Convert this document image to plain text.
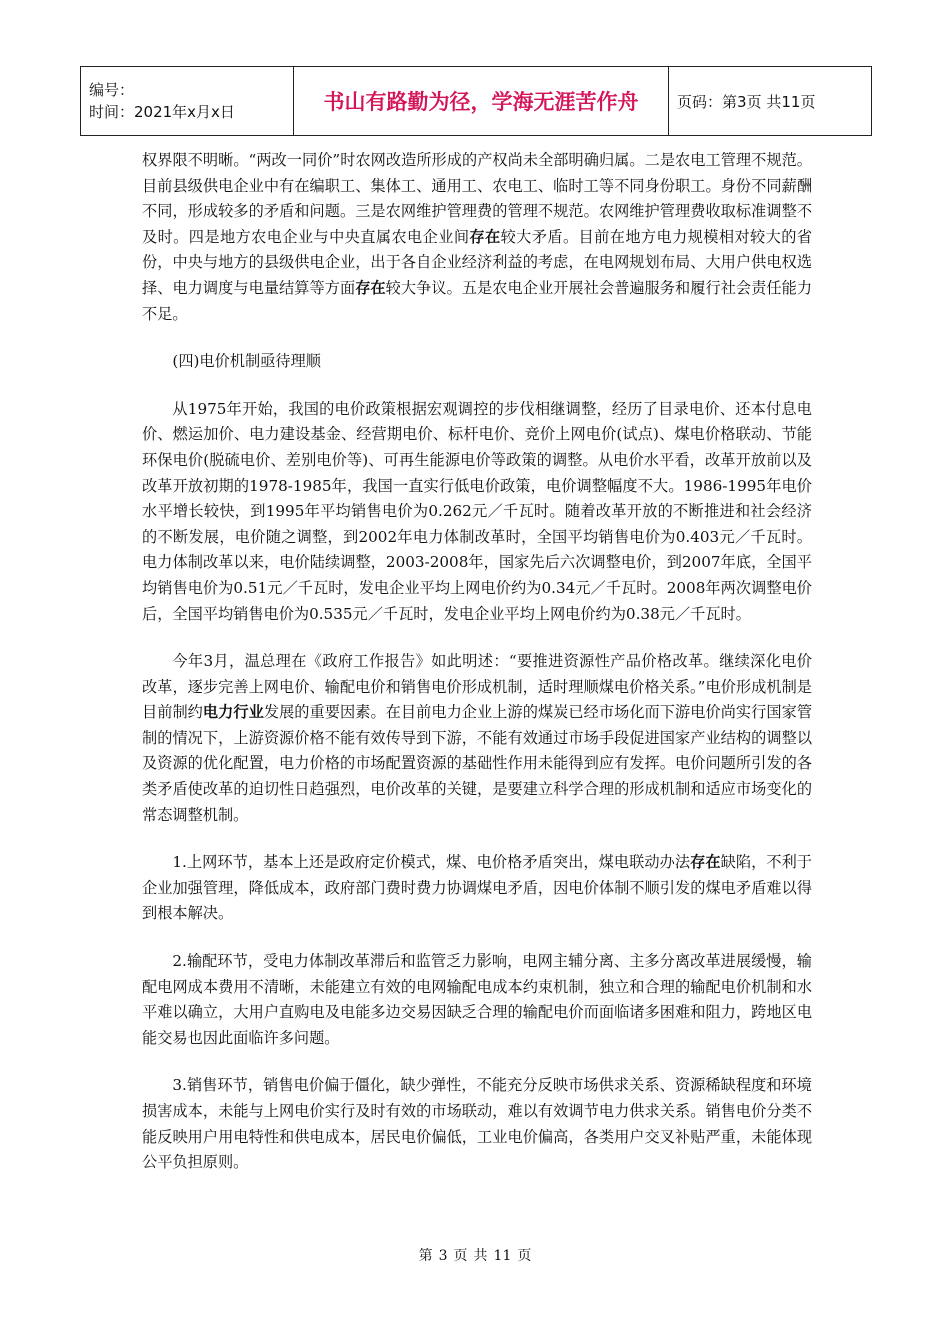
编号：
时间：2021年x月x日	书山有路勤为径，学海无涯苦作舟	页码：第3页 共11页

权界限不明晰。“两改一同价”时农网改造所形成的产权尚未全部明确归属。二是农电工管理不规范。目前县级供电企业中有在编职工、集体工、通用工、农电工、临时工等不同身份职工。身份不同薪酬不同，形成较多的矛盾和问题。三是农网维护管理费的管理不规范。农网维护管理费收取标准调整不及时。四是地方农电企业与中央直属农电企业间存在较大矛盾。目前在地方电力规模相对较大的省份，中央与地方的县级供电企业，出于各自企业经济利益的考虑，在电网规划布局、大用户供电权选择、电力调度与电量结算等方面存在较大争议。五是农电企业开展社会普遍服务和履行社会责任能力不足。

(四)电价机制亟待理顺

从1975年开始，我国的电价政策根据宏观调控的步伐相继调整，经历了目录电价、还本付息电价、燃运加价、电力建设基金、经营期电价、标杆电价、竞价上网电价(试点)、煤电价格联动、节能环保电价(脱硫电价、差别电价等)、可再生能源电价等政策的调整。从电价水平看，改革开放前以及改革开放初期的1978-1985年，我国一直实行低电价政策，电价调整幅度不大。1986-1995年电价水平增长较快，到1995年平均销售电价为0.262元／千瓦时。随着改革开放的不断推进和社会经济的不断发展，电价随之调整，到2002年电力体制改革时，全国平均销售电价为0.403元／千瓦时。电力体制改革以来，电价陆续调整，2003-2008年，国家先后六次调整电价，到2007年底，全国平均销售电价为0.51元／千瓦时，发电企业平均上网电价约为0.34元／千瓦时。2008年两次调整电价后，全国平均销售电价为0.535元／千瓦时，发电企业平均上网电价约为0.38元／千瓦时。

今年3月，温总理在《政府工作报告》如此明述：“要推进资源性产品价格改革。继续深化电价改革，逐步完善上网电价、输配电价和销售电价形成机制，适时理顺煤电价格关系。”电价形成机制是目前制约电力行业发展的重要因素。在目前电力企业上游的煤炭已经市场化而下游电价尚实行国家管制的情况下，上游资源价格不能有效传导到下游，不能有效通过市场手段促进国家产业结构的调整以及资源的优化配置，电力价格的市场配置资源的基础性作用未能得到应有发挥。电价问题所引发的各类矛盾使改革的迫切性日趋强烈，电价改革的关键，是要建立科学合理的形成机制和适应市场变化的常态调整机制。

1.上网环节，基本上还是政府定价模式，煤、电价格矛盾突出，煤电联动办法存在缺陷，不利于企业加强管理，降低成本，政府部门费时费力协调煤电矛盾，因电价体制不顺引发的煤电矛盾难以得到根本解决。

2.输配环节，受电力体制改革滞后和监管乏力影响，电网主辅分离、主多分离改革进展缓慢，输配电网成本费用不清晰，未能建立有效的电网输配电成本约束机制，独立和合理的输配电价机制和水平难以确立，大用户直购电及电能多边交易因缺乏合理的输配电价而面临诸多困难和阻力，跨地区电能交易也因此面临许多问题。

3.销售环节，销售电价偏于僵化，缺少弹性，不能充分反映市场供求关系、资源稀缺程度和环境损害成本，未能与上网电价实行及时有效的市场联动，难以有效调节电力供求关系。销售电价分类不能反映用户用电特性和供电成本，居民电价偏低，工业电价偏高，各类用户交叉补贴严重，未能体现公平负担原则。

第 3 页 共 11 页
